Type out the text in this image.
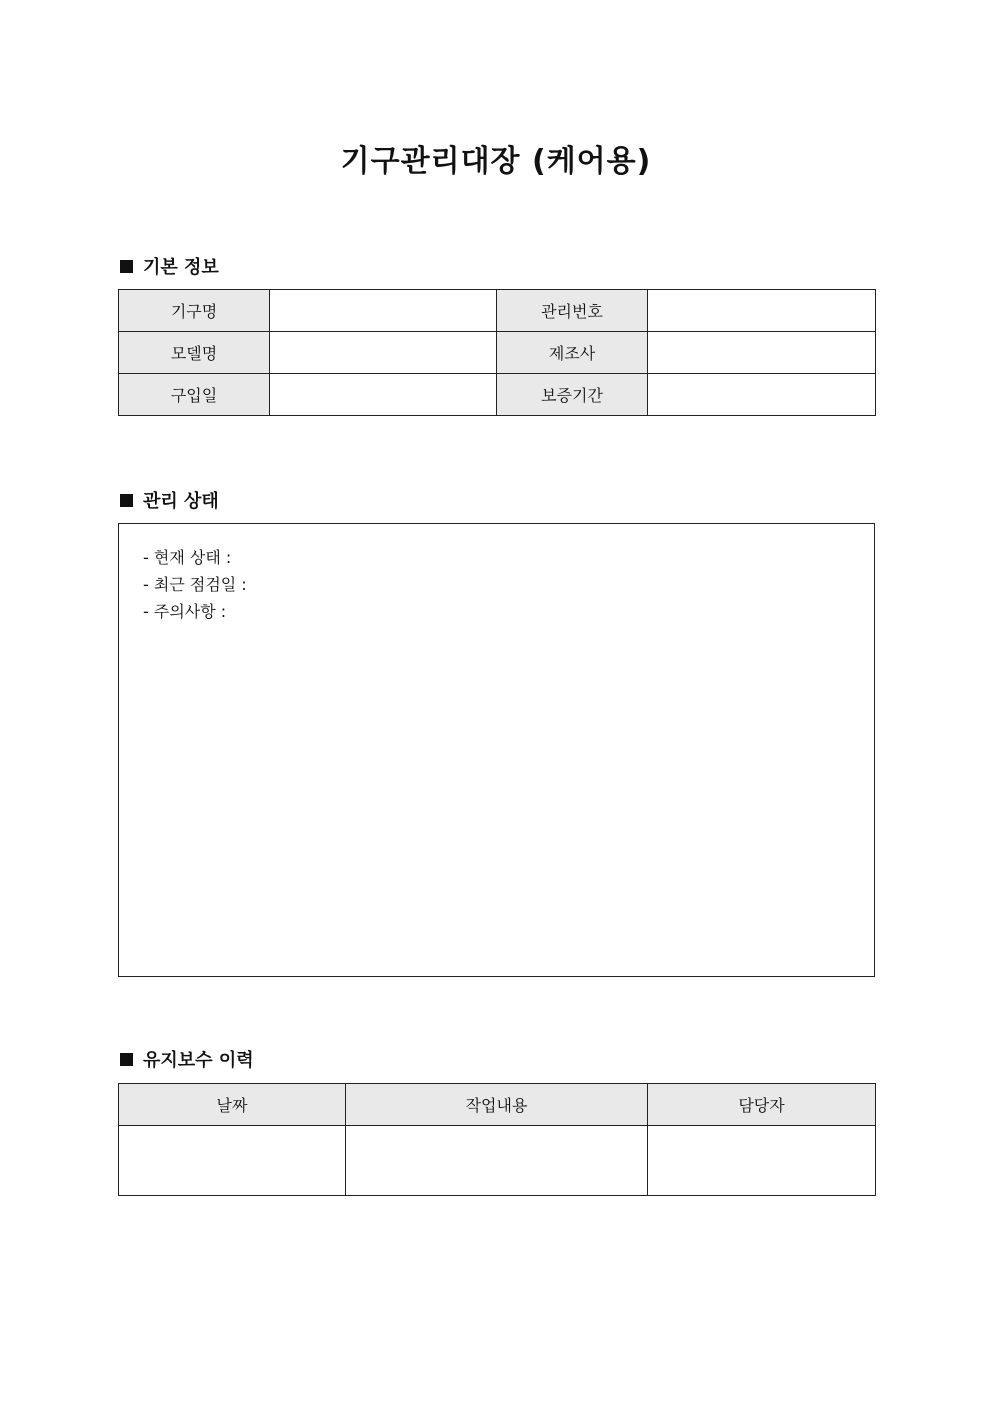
기구관리대장 (케어용)
기본 정보
기구명		관리번호	
모델명		제조사	
구입일		보증기간	
관리 상태
- 현재 상태 :
- 최근 점검일 :
- 주의사항 :
유지보수 이력
날짜	작업내용	담당자
